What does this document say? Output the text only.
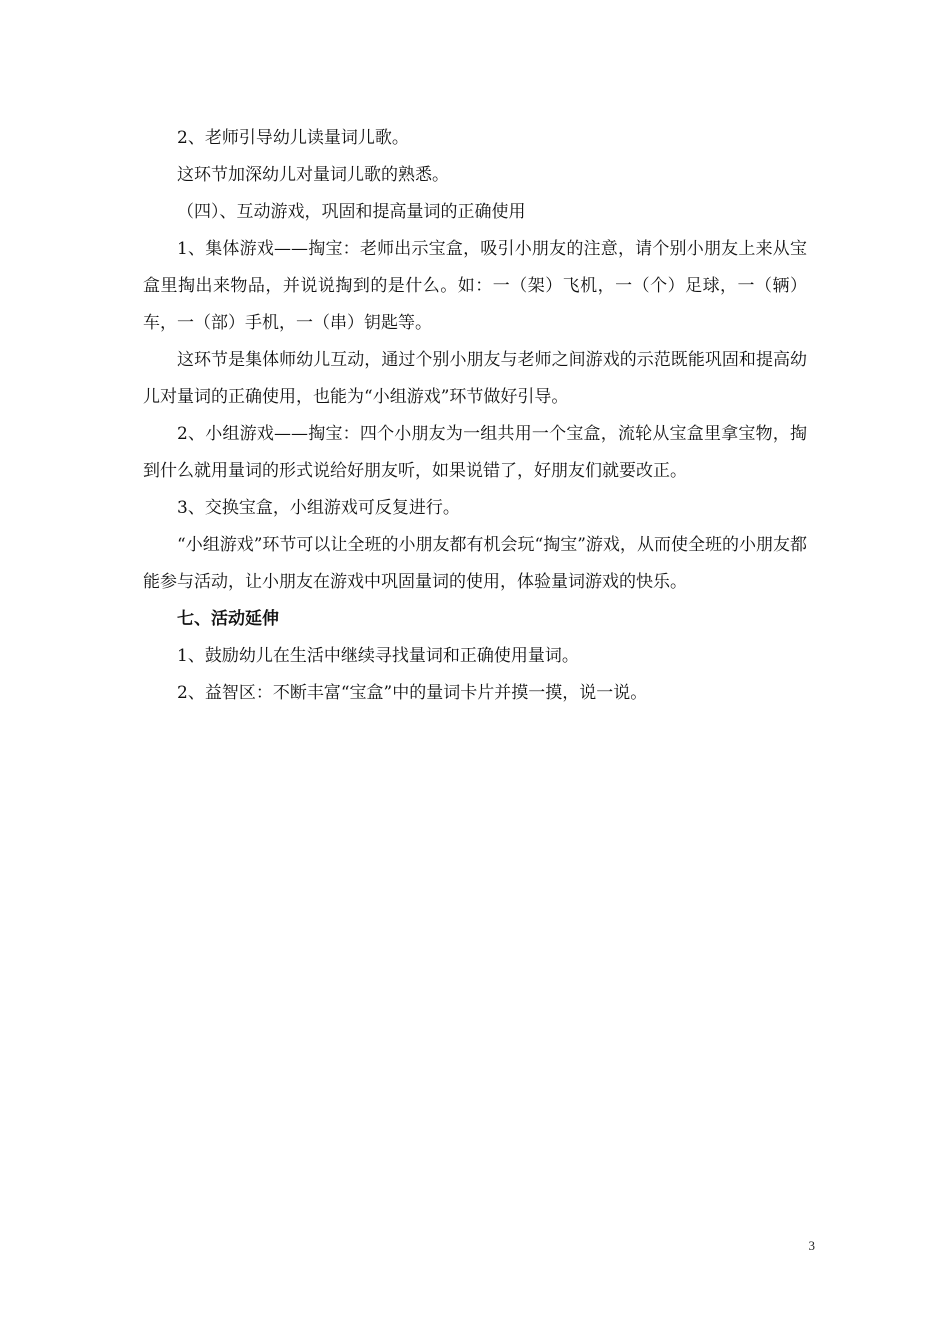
2、老师引导幼儿读量词儿歌。

这环节加深幼儿对量词儿歌的熟悉。

（四）、互动游戏，巩固和提高量词的正确使用

1、集体游戏——掏宝：老师出示宝盒，吸引小朋友的注意，请个别小朋友上来从宝盒里掏出来物品，并说说掏到的是什么。如：一（架）飞机，一（个）足球，一（辆）车，一（部）手机，一（串）钥匙等。

这环节是集体师幼儿互动，通过个别小朋友与老师之间游戏的示范既能巩固和提高幼儿对量词的正确使用，也能为“小组游戏”环节做好引导。

2、小组游戏——掏宝：四个小朋友为一组共用一个宝盒，流轮从宝盒里拿宝物，掏到什么就用量词的形式说给好朋友听，如果说错了，好朋友们就要改正。

3、交换宝盒，小组游戏可反复进行。

“小组游戏”环节可以让全班的小朋友都有机会玩“掏宝”游戏，从而使全班的小朋友都能参与活动，让小朋友在游戏中巩固量词的使用，体验量词游戏的快乐。

七、活动延伸

1、鼓励幼儿在生活中继续寻找量词和正确使用量词。

2、益智区：不断丰富“宝盒”中的量词卡片并摸一摸，说一说。

3
